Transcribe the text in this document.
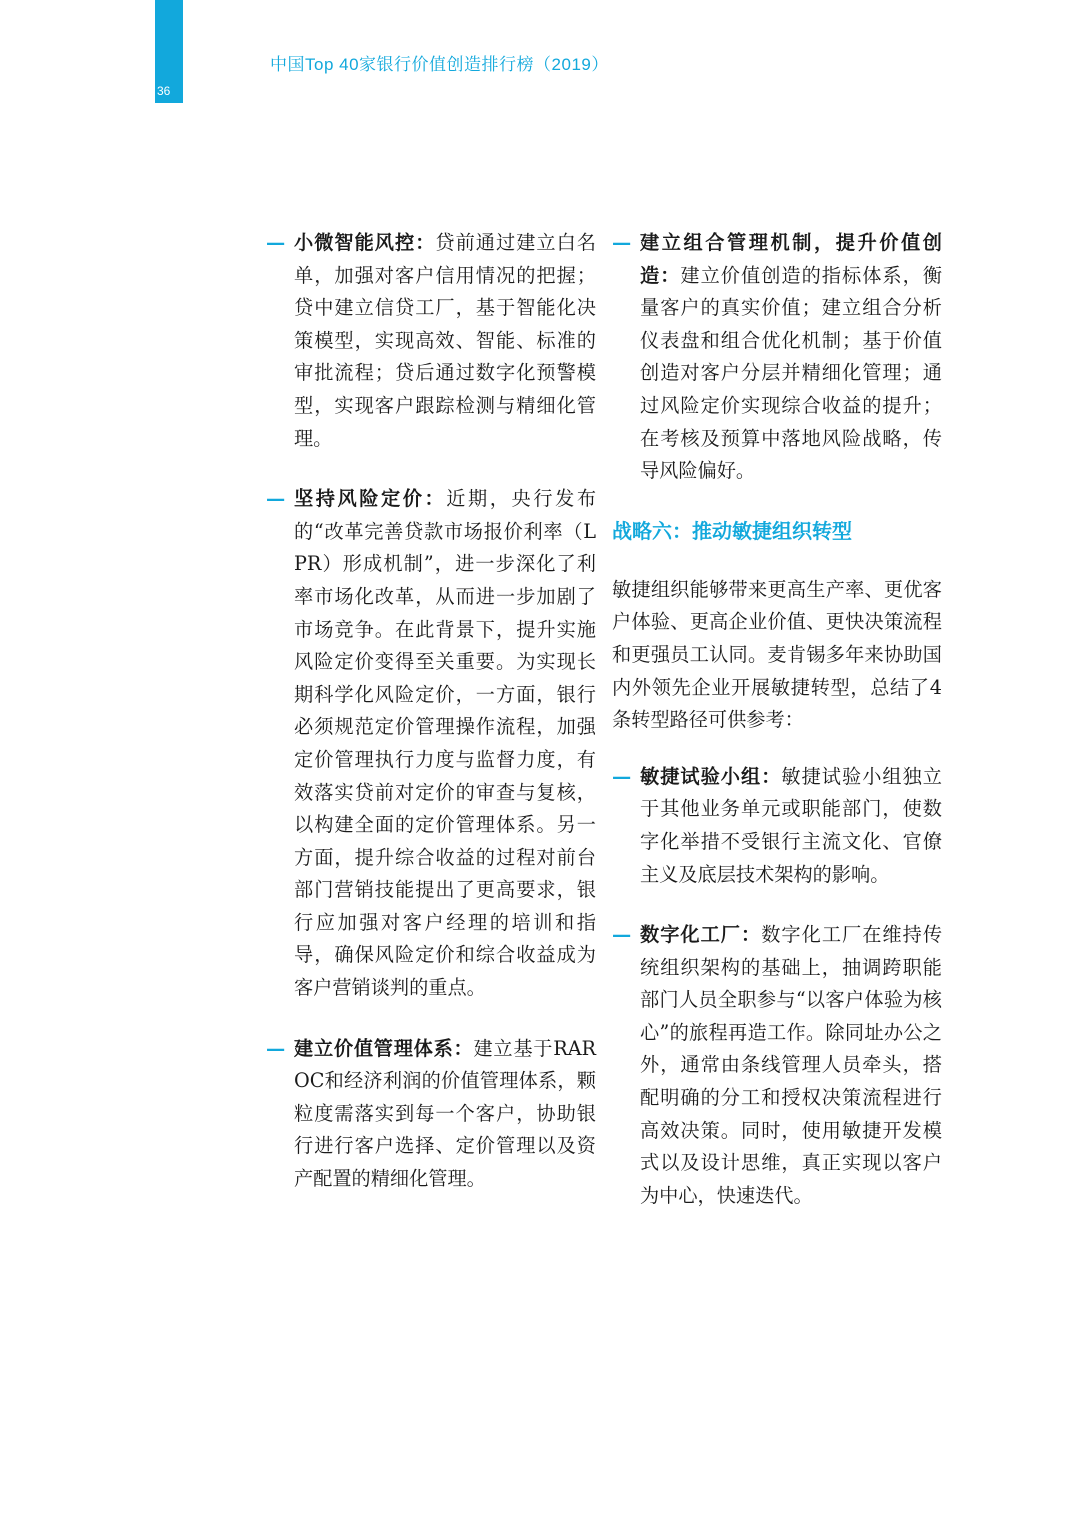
36
中国Top 40家银行价值创造排行榜（2019）
— 小微智能风控：贷前通过建立白名单，加强对客户信用情况的把握；贷中建立信贷工厂，基于智能化决策模型，实现高效、智能、标准的审批流程；贷后通过数字化预警模型，实现客户跟踪检测与精细化管理。
— 坚持风险定价：近期，央行发布的“改革完善贷款市场报价利率（LPR）形成机制”，进一步深化了利率市场化改革，从而进一步加剧了市场竞争。在此背景下，提升实施风险定价变得至关重要。为实现长期科学化风险定价，一方面，银行必须规范定价管理操作流程，加强定价管理执行力度与监督力度，有效落实贷前对定价的审查与复核，以构建全面的定价管理体系。另一方面，提升综合收益的过程对前台部门营销技能提出了更高要求，银行应加强对客户经理的培训和指导，确保风险定价和综合收益成为客户营销谈判的重点。
— 建立价值管理体系：建立基于RAROC和经济利润的价值管理体系，颗粒度需落实到每一个客户，协助银行进行客户选择、定价管理以及资产配置的精细化管理。
— 建立组合管理机制，提升价值创造：建立价值创造的指标体系，衡量客户的真实价值；建立组合分析仪表盘和组合优化机制；基于价值创造对客户分层并精细化管理；通过风险定价实现综合收益的提升；在考核及预算中落地风险战略，传导风险偏好。
战略六：推动敏捷组织转型
敏捷组织能够带来更高生产率、更优客户体验、更高企业价值、更快决策流程和更强员工认同。麦肯锡多年来协助国内外领先企业开展敏捷转型，总结了4条转型路径可供参考：
— 敏捷试验小组：敏捷试验小组独立于其他业务单元或职能部门，使数字化举措不受银行主流文化、官僚主义及底层技术架构的影响。
— 数字化工厂：数字化工厂在维持传统组织架构的基础上，抽调跨职能部门人员全职参与“以客户体验为核心”的旅程再造工作。除同址办公之外，通常由条线管理人员牵头，搭配明确的分工和授权决策流程进行高效决策。同时，使用敏捷开发模式以及设计思维，真正实现以客户为中心，快速迭代。
